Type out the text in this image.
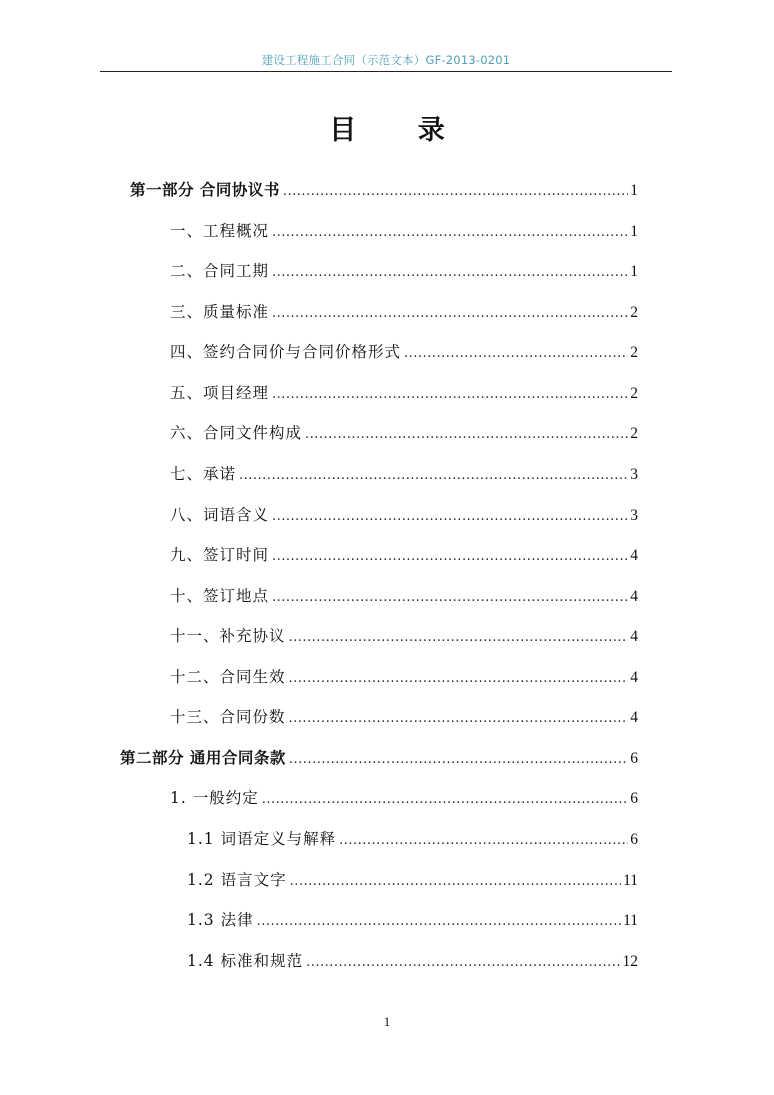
建设工程施工合同（示范文本）GF-2013-0201
目 录
第一部分 合同协议书 .....	1
一、工程概况 .....	1
二、合同工期 .....	1
三、质量标准 .....	2
四、签约合同价与合同价格形式 .....	2
五、项目经理 .....	2
六、合同文件构成 .....	2
七、承诺 .....	3
八、词语含义 .....	3
九、签订时间 .....	4
十、签订地点 .....	4
十一、补充协议 .....	4
十二、合同生效 .....	4
十三、合同份数 .....	4
第二部分 通用合同条款 .....	6
1. 一般约定 .....	6
1.1 词语定义与解释 .....	6
1.2 语言文字 .....	11
1.3 法律 .....	11
1.4 标准和规范 .....	12
1
